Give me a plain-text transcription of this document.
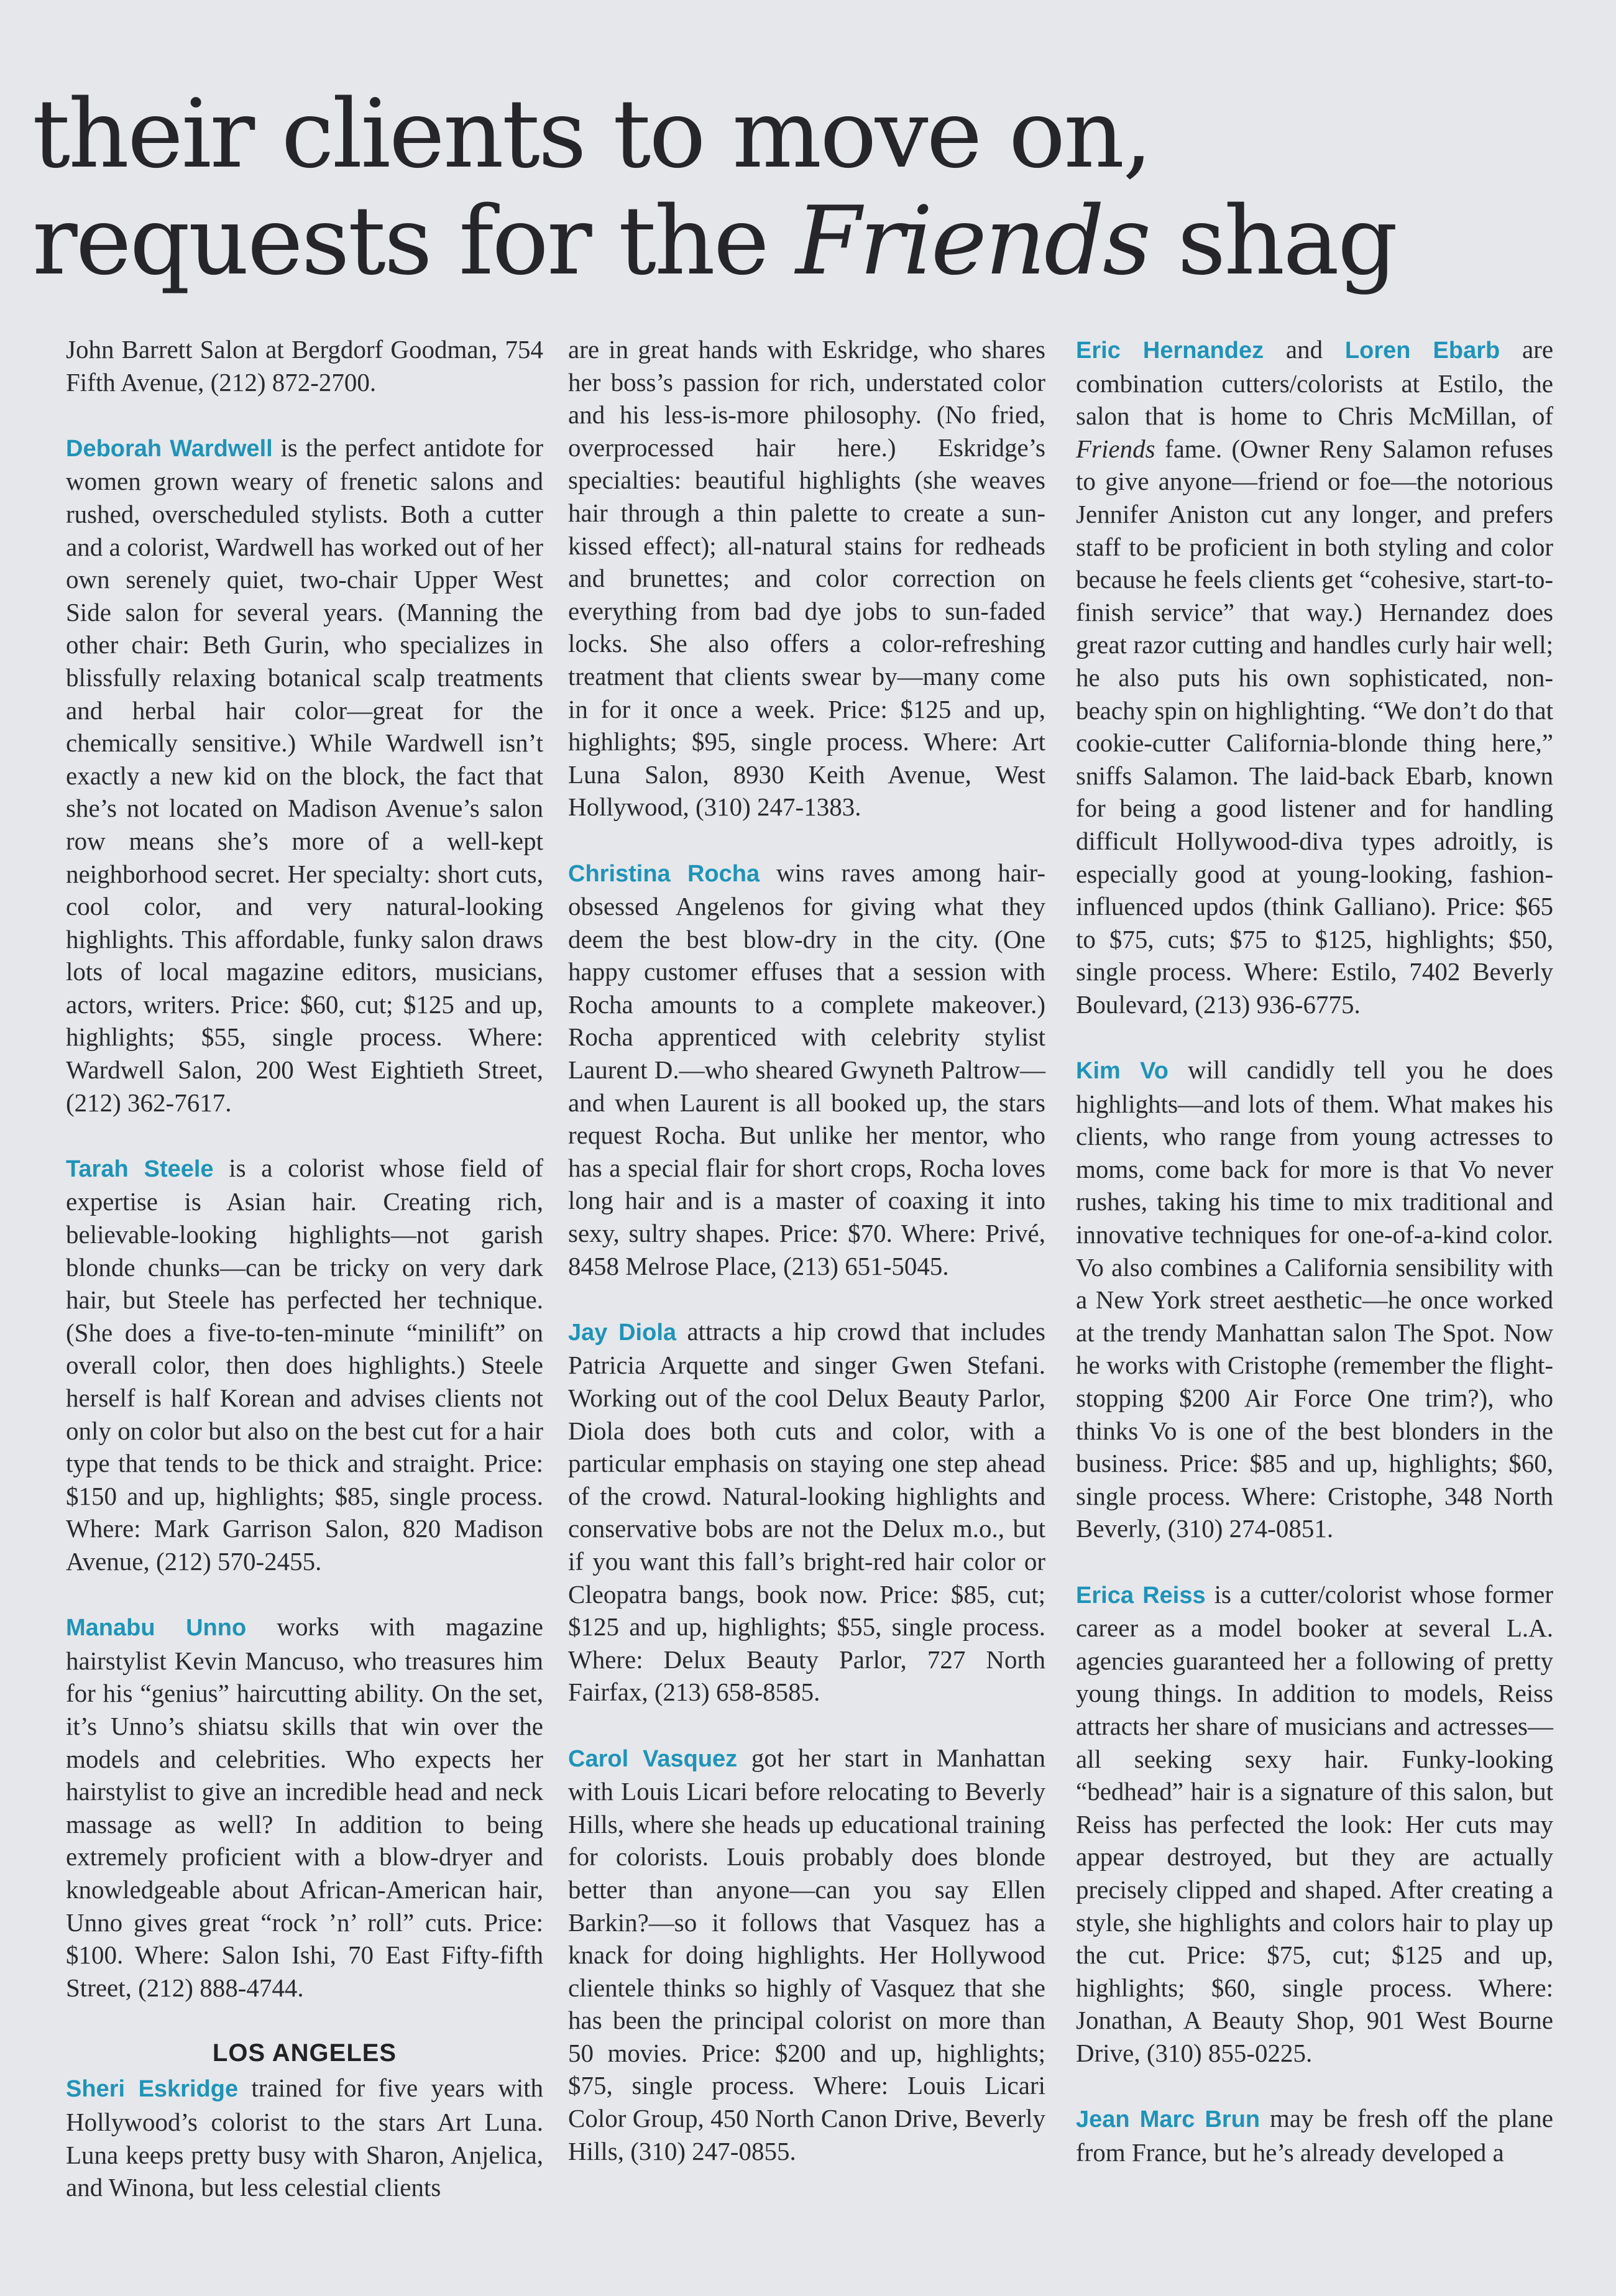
their clients to move on,
requests for the Friends shag

John Barrett Salon at Bergdorf Goodman, 754 Fifth Avenue, (212) 872-2700.

Deborah Wardwell is the perfect antidote for women grown weary of frenetic salons and rushed, overscheduled stylists. Both a cutter and a colorist, Wardwell has worked out of her own serenely quiet, two-chair Upper West Side salon for several years. (Manning the other chair: Beth Gurin, who specializes in blissfully relaxing botanical scalp treatments and herbal hair color—great for the chemically sensitive.) While Wardwell isn’t exactly a new kid on the block, the fact that she’s not located on Madison Avenue’s salon row means she’s more of a well-kept neighborhood secret. Her specialty: short cuts, cool color, and very natural-looking highlights. This affordable, funky salon draws lots of local magazine editors, musicians, actors, writers. Price: $60, cut; $125 and up, highlights; $55, single process. Where: Wardwell Salon, 200 West Eightieth Street, (212) 362-7617.

Tarah Steele is a colorist whose field of expertise is Asian hair. Creating rich, believable-looking highlights—not garish blonde chunks—can be tricky on very dark hair, but Steele has perfected her technique. (She does a five-to-ten-minute “minilift” on overall color, then does highlights.) Steele herself is half Korean and advises clients not only on color but also on the best cut for a hair type that tends to be thick and straight. Price: $150 and up, highlights; $85, single process. Where: Mark Garrison Salon, 820 Madison Avenue, (212) 570-2455.

Manabu Unno works with magazine hairstylist Kevin Mancuso, who treasures him for his “genius” haircutting ability. On the set, it’s Unno’s shiatsu skills that win over the models and celebrities. Who expects her hairstylist to give an incredible head and neck massage as well? In addition to being extremely proficient with a blow-dryer and knowledgeable about African-American hair, Unno gives great “rock ’n’ roll” cuts. Price: $100. Where: Salon Ishi, 70 East Fifty-fifth Street, (212) 888-4744.

LOS ANGELES

Sheri Eskridge trained for five years with Hollywood’s colorist to the stars Art Luna. Luna keeps pretty busy with Sharon, Anjelica, and Winona, but less celestial clients

are in great hands with Eskridge, who shares her boss’s passion for rich, understated color and his less-is-more philosophy. (No fried, overprocessed hair here.) Eskridge’s specialties: beautiful highlights (she weaves hair through a thin palette to create a sun-kissed effect); all-natural stains for redheads and brunettes; and color correction on everything from bad dye jobs to sun-faded locks. She also offers a color-refreshing treatment that clients swear by—many come in for it once a week. Price: $125 and up, highlights; $95, single process. Where: Art Luna Salon, 8930 Keith Avenue, West Hollywood, (310) 247-1383.

Christina Rocha wins raves among hair-obsessed Angelenos for giving what they deem the best blow-dry in the city. (One happy customer effuses that a session with Rocha amounts to a complete makeover.) Rocha apprenticed with celebrity stylist Laurent D.—who sheared Gwyneth Paltrow—and when Laurent is all booked up, the stars request Rocha. But unlike her mentor, who has a special flair for short crops, Rocha loves long hair and is a master of coaxing it into sexy, sultry shapes. Price: $70. Where: Privé, 8458 Melrose Place, (213) 651-5045.

Jay Diola attracts a hip crowd that includes Patricia Arquette and singer Gwen Stefani. Working out of the cool Delux Beauty Parlor, Diola does both cuts and color, with a particular emphasis on staying one step ahead of the crowd. Natural-looking highlights and conservative bobs are not the Delux m.o., but if you want this fall’s bright-red hair color or Cleopatra bangs, book now. Price: $85, cut; $125 and up, highlights; $55, single process. Where: Delux Beauty Parlor, 727 North Fairfax, (213) 658-8585.

Carol Vasquez got her start in Manhattan with Louis Licari before relocating to Beverly Hills, where she heads up educational training for colorists. Louis probably does blonde better than anyone—can you say Ellen Barkin?—so it follows that Vasquez has a knack for doing highlights. Her Hollywood clientele thinks so highly of Vasquez that she has been the principal colorist on more than 50 movies. Price: $200 and up, highlights; $75, single process. Where: Louis Licari Color Group, 450 North Canon Drive, Beverly Hills, (310) 247-0855.

Eric Hernandez and Loren Ebarb are combination cutters/colorists at Estilo, the salon that is home to Chris McMillan, of Friends fame. (Owner Reny Salamon refuses to give anyone—friend or foe—the notorious Jennifer Aniston cut any longer, and prefers staff to be proficient in both styling and color because he feels clients get “cohesive, start-to-finish service” that way.) Hernandez does great razor cutting and handles curly hair well; he also puts his own sophisticated, non-beachy spin on highlighting. “We don’t do that cookie-cutter California-blonde thing here,” sniffs Salamon. The laid-back Ebarb, known for being a good listener and for handling difficult Hollywood-diva types adroitly, is especially good at young-looking, fashion-influenced updos (think Galliano). Price: $65 to $75, cuts; $75 to $125, highlights; $50, single process. Where: Estilo, 7402 Beverly Boulevard, (213) 936-6775.

Kim Vo will candidly tell you he does highlights—and lots of them. What makes his clients, who range from young actresses to moms, come back for more is that Vo never rushes, taking his time to mix traditional and innovative techniques for one-of-a-kind color. Vo also combines a California sensibility with a New York street aesthetic—he once worked at the trendy Manhattan salon The Spot. Now he works with Cristophe (remember the flight-stopping $200 Air Force One trim?), who thinks Vo is one of the best blonders in the business. Price: $85 and up, highlights; $60, single process. Where: Cristophe, 348 North Beverly, (310) 274-0851.

Erica Reiss is a cutter/colorist whose former career as a model booker at several L.A. agencies guaranteed her a following of pretty young things. In addition to models, Reiss attracts her share of musicians and actresses—all seeking sexy hair. Funky-looking “bedhead” hair is a signature of this salon, but Reiss has perfected the look: Her cuts may appear destroyed, but they are actually precisely clipped and shaped. After creating a style, she highlights and colors hair to play up the cut. Price: $75, cut; $125 and up, highlights; $60, single process. Where: Jonathan, A Beauty Shop, 901 West Bourne Drive, (310) 855-0225.

Jean Marc Brun may be fresh off the plane from France, but he’s already developed a
